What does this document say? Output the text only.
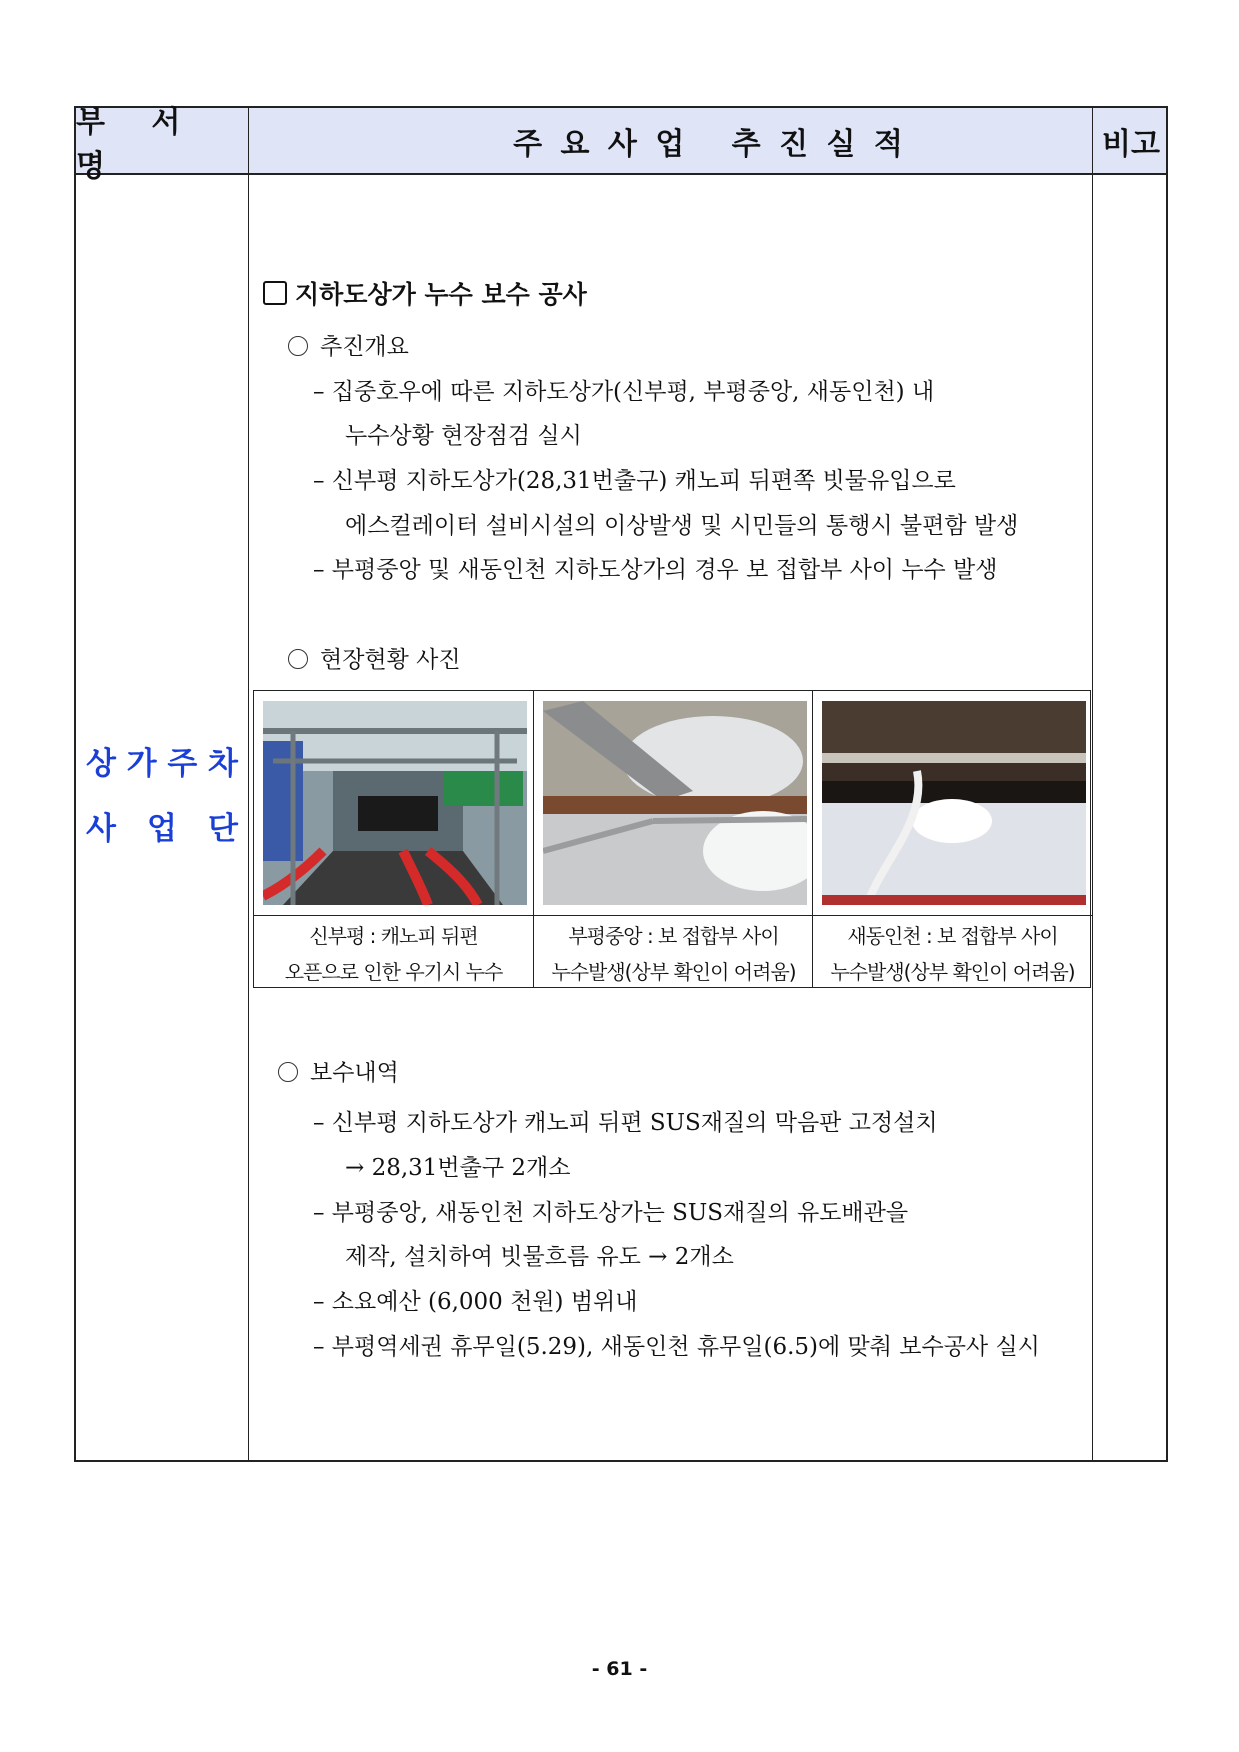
부 서 명
주 요 사 업   추 진 실 적	비고
상 가 주 차
사 업 단
지하도상가 누수 보수 공사
추진개요
– 집중호우에 따른 지하도상가(신부평, 부평중앙, 새동인천) 내
누수상황 현장점검 실시
– 신부평 지하도상가(28,31번출구) 캐노피 뒤편쪽 빗물유입으로
에스컬레이터 설비시설의 이상발생 및 시민들의 통행시 불편함 발생
– 부평중앙 및 새동인천 지하도상가의 경우 보 접합부 사이 누수 발생
현장현황 사진
신부평 : 캐노피 뒤편
오픈으로 인한 우기시 누수
부평중앙 : 보 접합부 사이
누수발생(상부 확인이 어려움)
새동인천 : 보 접합부 사이
누수발생(상부 확인이 어려움)
보수내역
– 신부평 지하도상가 캐노피 뒤편 SUS재질의 막음판 고정설치
→ 28,31번출구 2개소
– 부평중앙, 새동인천 지하도상가는 SUS재질의 유도배관을
제작, 설치하여 빗물흐름 유도 → 2개소
– 소요예산 (6,000 천원) 범위내
– 부평역세권 휴무일(5.29), 새동인천 휴무일(6.5)에 맞춰 보수공사 실시
- 61 -
